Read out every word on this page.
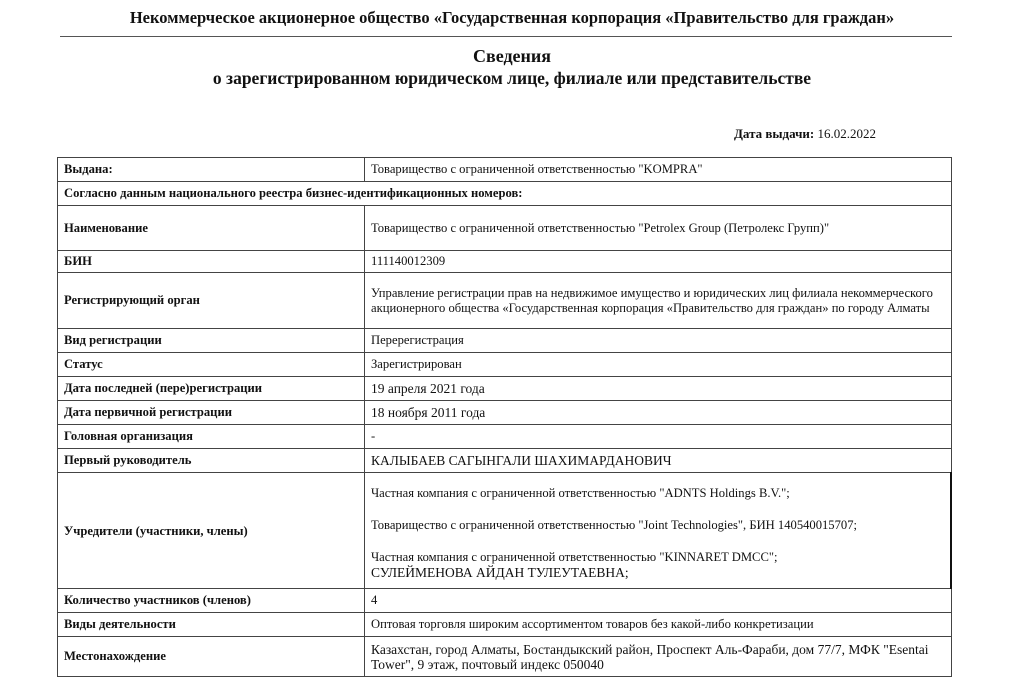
Некоммерческое акционерное общество «Государственная корпорация «Правительство для граждан»
Сведения
о зарегистрированном юридическом лице, филиале или представительстве
Дата выдачи: 16.02.2022
Выдана:	Товарищество с ограниченной ответственностью "KOMPRA"
Согласно данным национального реестра бизнес-идентификационных номеров:	
Наименование	Товарищество с ограниченной ответственностью "Petrolex Group (Петролекс Групп)"
БИН	111140012309
Регистрирующий орган	Управление регистрации прав на недвижимое имущество и юридических лиц филиала некоммерческого акционерного общества «Государственная корпорация «Правительство для граждан» по городу Алматы
Вид регистрации	Перерегистрация
Статус	Зарегистрирован
Дата последней (пере)регистрации	19 апреля 2021 года
Дата первичной регистрации	18 ноября 2011 года
Головная организация	-
Первый руководитель	КАЛЫБАЕВ САГЫНГАЛИ ШАХИМАРДАНОВИЧ
Учредители (участники, члены)	Частная компания с ограниченной ответственностью "ADNTS Holdings B.V.";
Товарищество с ограниченной ответственностью "Joint Technologies", БИН 140540015707;
Частная компания с ограниченной ответственностью "KINNARET DMCC";
СУЛЕЙМЕНОВА АЙДАН ТУЛЕУТАЕВНА;

Количество участников (членов)	4
Виды деятельности	Оптовая торговля широким ассортиментом товаров без какой-либо конкретизации
Местонахождение	Казахстан, город Алматы, Бостандыкский район, Проспект Аль-Фараби, дом 77/7, МФК "Esentai Tower", 9 этаж, почтовый индекс 050040
